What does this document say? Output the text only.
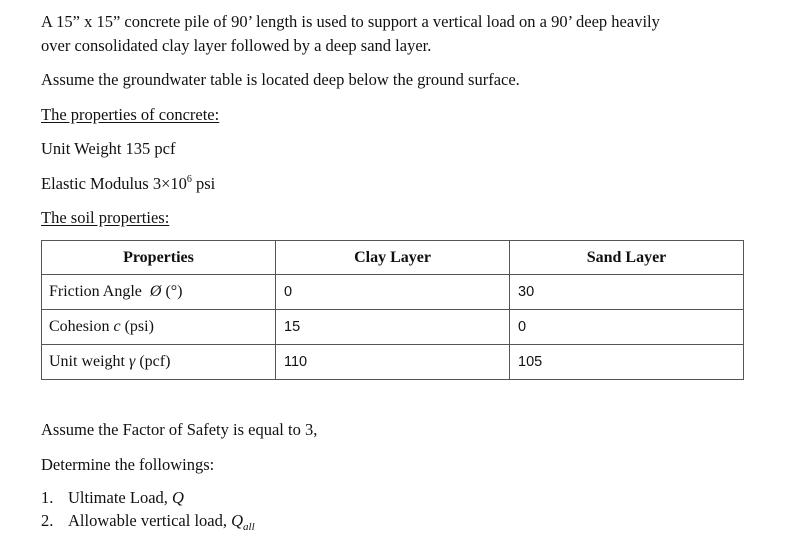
A 15” x 15” concrete pile of 90’ length is used to support a vertical load on a 90’ deep heavily
over consolidated clay layer followed by a deep sand layer.
Assume the groundwater table is located deep below the ground surface.
The properties of concrete:
Unit Weight 135 pcf
Elastic Modulus $3\times 10^6$ psi
The soil properties:
Properties	Clay Layer	Sand Layer
Friction Angle Ø (°)	0	30
Cohesion c (psi)	15	0
Unit weight γ (pcf)	110	105
Assume the Factor of Safety is equal to 3,
Determine the followings:
1. Ultimate Load, Q
2. Allowable vertical load, $Q_{all}$
